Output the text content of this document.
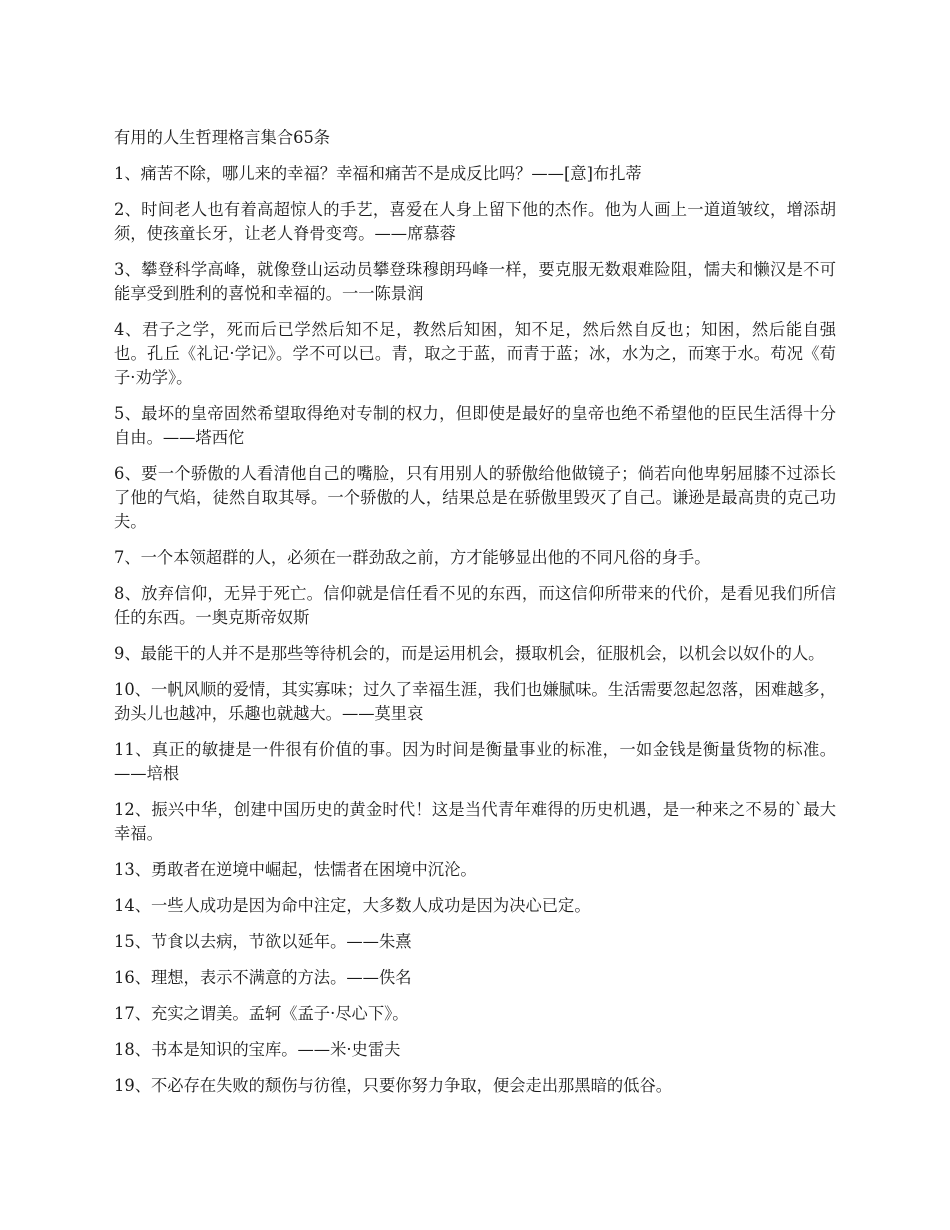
有用的人生哲理格言集合65条

1、痛苦不除，哪儿来的幸福？幸福和痛苦不是成反比吗？——[意]布扎蒂

2、时间老人也有着高超惊人的手艺，喜爱在人身上留下他的杰作。他为人画上一道道皱纹，增添胡须，使孩童长牙，让老人脊骨变弯。——席慕蓉

3、攀登科学高峰，就像登山运动员攀登珠穆朗玛峰一样，要克服无数艰难险阻，懦夫和懒汉是不可能享受到胜利的喜悦和幸福的。一一陈景润

4、君子之学，死而后已学然后知不足，教然后知困，知不足，然后然自反也；知困，然后能自强也。孔丘《礼记·学记》。学不可以已。青，取之于蓝，而青于蓝；冰，水为之，而寒于水。苟况《荀子·劝学》。

5、最坏的皇帝固然希望取得绝对专制的权力，但即使是最好的皇帝也绝不希望他的臣民生活得十分自由。——塔西佗

6、要一个骄傲的人看清他自己的嘴脸，只有用别人的骄傲给他做镜子；倘若向他卑躬屈膝不过添长了他的气焰，徒然自取其辱。一个骄傲的人，结果总是在骄傲里毁灭了自己。谦逊是最高贵的克己功夫。

7、一个本领超群的人，必须在一群劲敌之前，方才能够显出他的不同凡俗的身手。

8、放弃信仰，无异于死亡。信仰就是信任看不见的东西，而这信仰所带来的代价，是看见我们所信任的东西。一奥克斯帝奴斯

9、最能干的人并不是那些等待机会的，而是运用机会，摄取机会，征服机会，以机会以奴仆的人。

10、一帆风顺的爱情，其实寡味；过久了幸福生涯，我们也嫌腻味。生活需要忽起忽落，困难越多，劲头儿也越冲，乐趣也就越大。——莫里哀

11、真正的敏捷是一件很有价值的事。因为时间是衡量事业的标准，一如金钱是衡量货物的标准。——培根

12、振兴中华，创建中国历史的黄金时代！这是当代青年难得的历史机遇，是一种来之不易的`最大幸福。

13、勇敢者在逆境中崛起，怯懦者在困境中沉沦。

14、一些人成功是因为命中注定，大多数人成功是因为决心已定。

15、节食以去病，节欲以延年。——朱熹

16、理想，表示不满意的方法。——佚名

17、充实之谓美。孟轲《孟子·尽心下》。

18、书本是知识的宝库。——米·史雷夫

19、不必存在失败的颓伤与彷徨，只要你努力争取，便会走出那黑暗的低谷。
